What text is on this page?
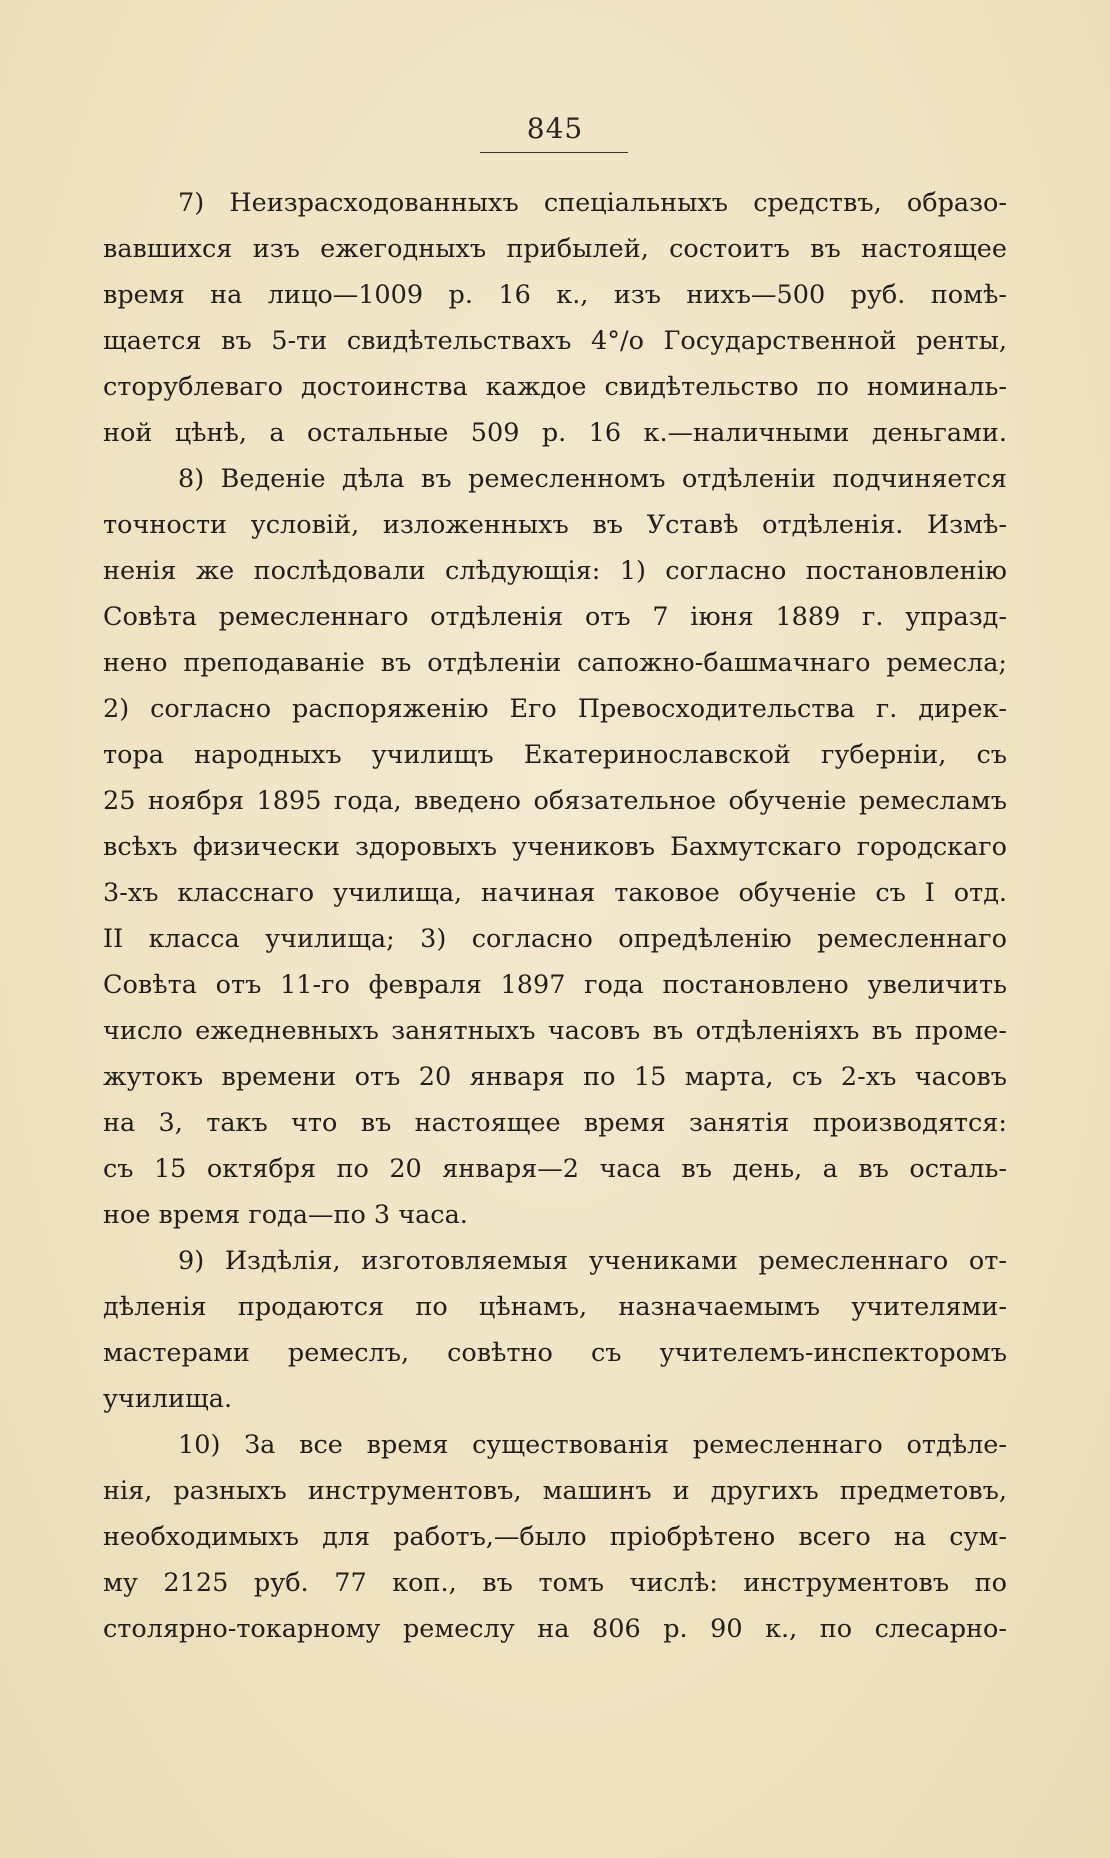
845
7) Неизрасходованныхъ спеціальныхъ средствъ, образо-
вавшихся изъ ежегодныхъ прибылей, состоитъ въ настоящее
время на лицо—1009 р. 16 к., изъ нихъ—500 руб. помѣ-
щается въ 5-ти свидѣтельствахъ 4°/о Государственной ренты,
сторублеваго достоинства каждое свидѣтельство по номиналь-
ной цѣнѣ, а остальные 509 р. 16 к.—наличными деньгами.
8) Веденіе дѣла въ ремесленномъ отдѣленіи подчиняется
точности условій, изложенныхъ въ Уставѣ отдѣленія. Измѣ-
ненія же послѣдовали слѣдующія: 1) согласно постановленію
Совѣта ремесленнаго отдѣленія отъ 7 іюня 1889 г. упразд-
нено преподаваніе въ отдѣленіи сапожно-башмачнаго ремесла;
2) согласно распоряженію Его Превосходительства г. дирек-
тора народныхъ училищъ Екатеринославской губерніи, съ
25 ноября 1895 года, введено обязательное обученіе ремесламъ
всѣхъ физически здоровыхъ учениковъ Бахмутскаго городскаго
3-хъ класснаго училища, начиная таковое обученіе съ I отд.
II класса училища; 3) согласно опредѣленію ремесленнаго
Совѣта отъ 11-го февраля 1897 года постановлено увеличить
число ежедневныхъ занятныхъ часовъ въ отдѣленіяхъ въ проме-
жутокъ времени отъ 20 января по 15 марта, съ 2-хъ часовъ
на 3, такъ что въ настоящее время занятія производятся:
съ 15 октября по 20 января—2 часа въ день, а въ осталь-
ное время года—по 3 часа.
9) Издѣлія, изготовляемыя учениками ремесленнаго от-
дѣленія продаются по цѣнамъ, назначаемымъ учителями-
мастерами ремеслъ, совѣтно съ учителемъ-инспекторомъ
училища.
10) За все время существованія ремесленнаго отдѣле-
нія, разныхъ инструментовъ, машинъ и другихъ предметовъ,
необходимыхъ для работъ,—было пріобрѣтено всего на сум-
му 2125 руб. 77 коп., въ томъ числѣ: инструментовъ по
столярно-токарному ремеслу на 806 р. 90 к., по слесарно-
